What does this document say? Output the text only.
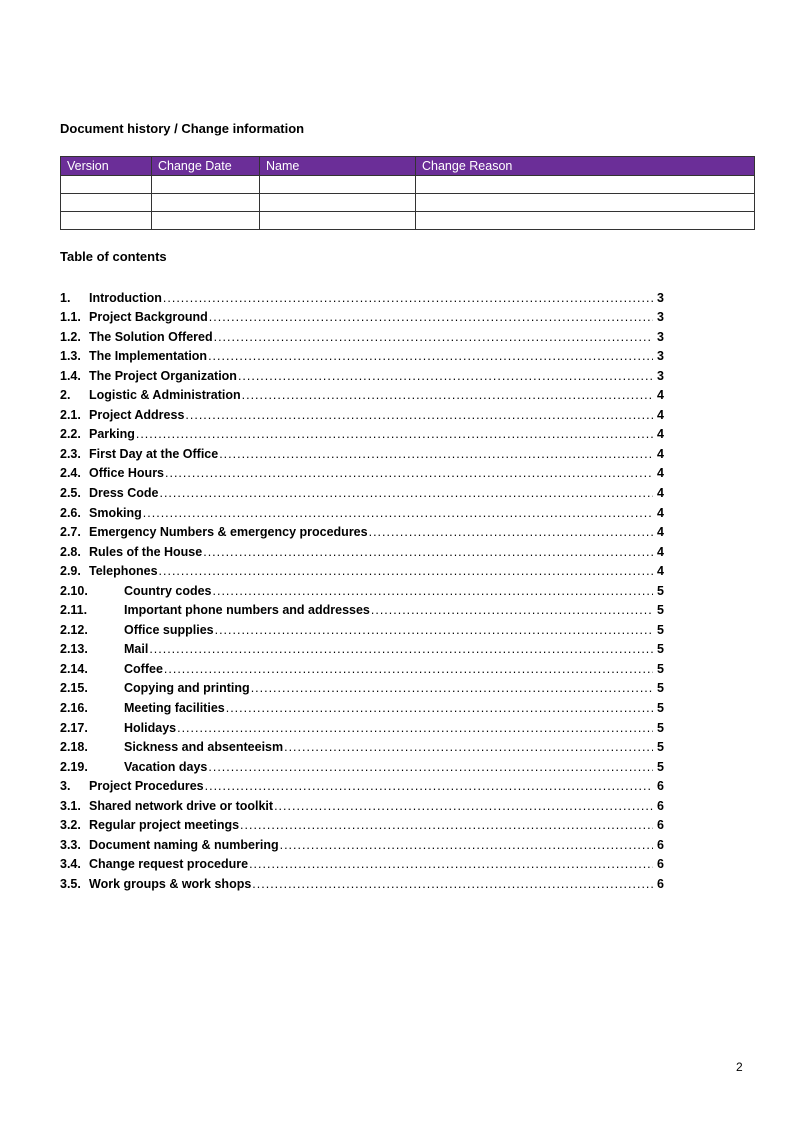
Document history / Change information
Version	Change Date	Name	Change Reason

Table of contents
1.	Introduction .....	3
1.1. Project Background .....	3
1.2. The Solution Offered .....	3
1.3. The Implementation .....	3
1.4. The Project Organization .....	3
2.	Logistic & Administration .....	4
2.1. Project Address .....	4
2.2. Parking .....	4
2.3. First Day at the Office .....	4
2.4. Office Hours .....	4
2.5. Dress Code .....	4
2.6. Smoking .....	4
2.7. Emergency Numbers & emergency procedures .....	4
2.8. Rules of the House .....	4
2.9. Telephones .....	4
2.10.	Country codes .....	5
2.11.	Important phone numbers and addresses .....	5
2.12.	Office supplies .....	5
2.13.	Mail .....	5
2.14.	Coffee .....	5
2.15.	Copying and printing .....	5
2.16.	Meeting facilities .....	5
2.17.	Holidays .....	5
2.18.	Sickness and absenteeism .....	5
2.19.	Vacation days .....	5
3.	Project Procedures .....	6
3.1. Shared network drive or toolkit .....	6
3.2. Regular project meetings .....	6
3.3. Document naming & numbering .....	6
3.4. Change request procedure .....	6
3.5. Work groups & work shops .....	6
2
